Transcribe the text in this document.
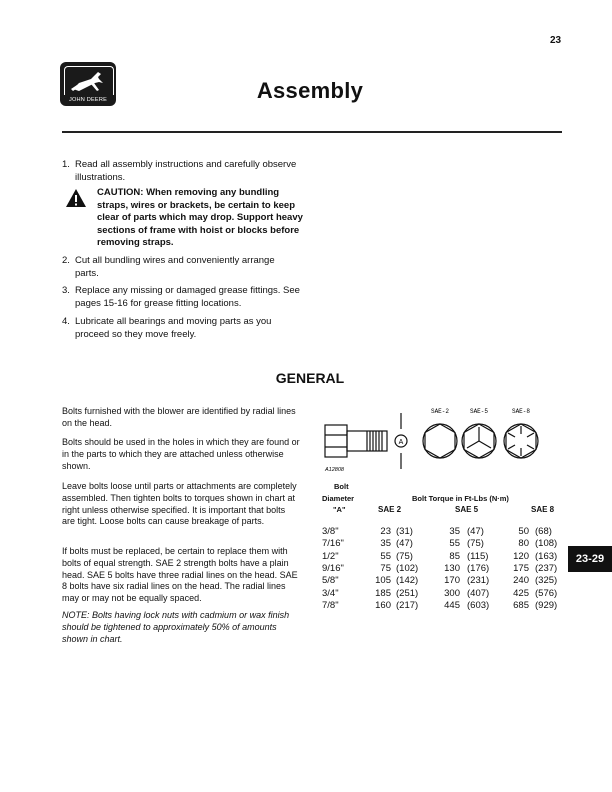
23
JOHN DEERE	Assembly
1. Read all assembly instructions and carefully observe illustrations.
CAUTION: When removing any bundling straps, wires or brackets, be certain to keep clear of parts which may drop. Support heavy sections of frame with hoist or blocks before removing straps.
2. Cut all bundling wires and conveniently arrange parts.
3. Replace any missing or damaged grease fittings. See pages 15-16 for grease fitting locations.
4. Lubricate all bearings and moving parts as you proceed so they move freely.
GENERAL
Bolts furnished with the blower are identified by radial lines on the head.
Bolts should be used in the holes in which they are found or in the parts to which they are attached unless otherwise shown.
Leave bolts loose until parts or attachments are completely assembled. Then tighten bolts to torques shown in chart at right unless otherwise specified. It is important that bolts are tight. Loose bolts can cause breakage of parts.
If bolts must be replaced, be certain to replace them with bolts of equal strength. SAE 2 strength bolts have a plain head. SAE 5 bolts have three radial lines on the head. SAE 8 bolts have six radial lines on the head. The radial lines may or may not be equally spaced.
NOTE: Bolts having lock nuts with cadmium or wax finish should be tightened to approximately 50% of amounts shown in chart.
A
A12808
SAE-2	SAE-5	SAE-8
Bolt
Diameter
"A"
Bolt Torque in Ft-Lbs (N·m)
SAE 2	SAE 5	SAE 8
3/8"	23 (31)	35 (47)	50 (68)
7/16"	35 (47)	55 (75)	80 (108)
1/2"	55 (75)	85 (115)	120 (163)
9/16"	75 (102)	130 (176)	175 (237)
5/8"	105 (142)	170 (231)	240 (325)
3/4"	185 (251)	300 (407)	425 (576)
7/8"	160 (217)	445 (603)	685 (929)
23-29
